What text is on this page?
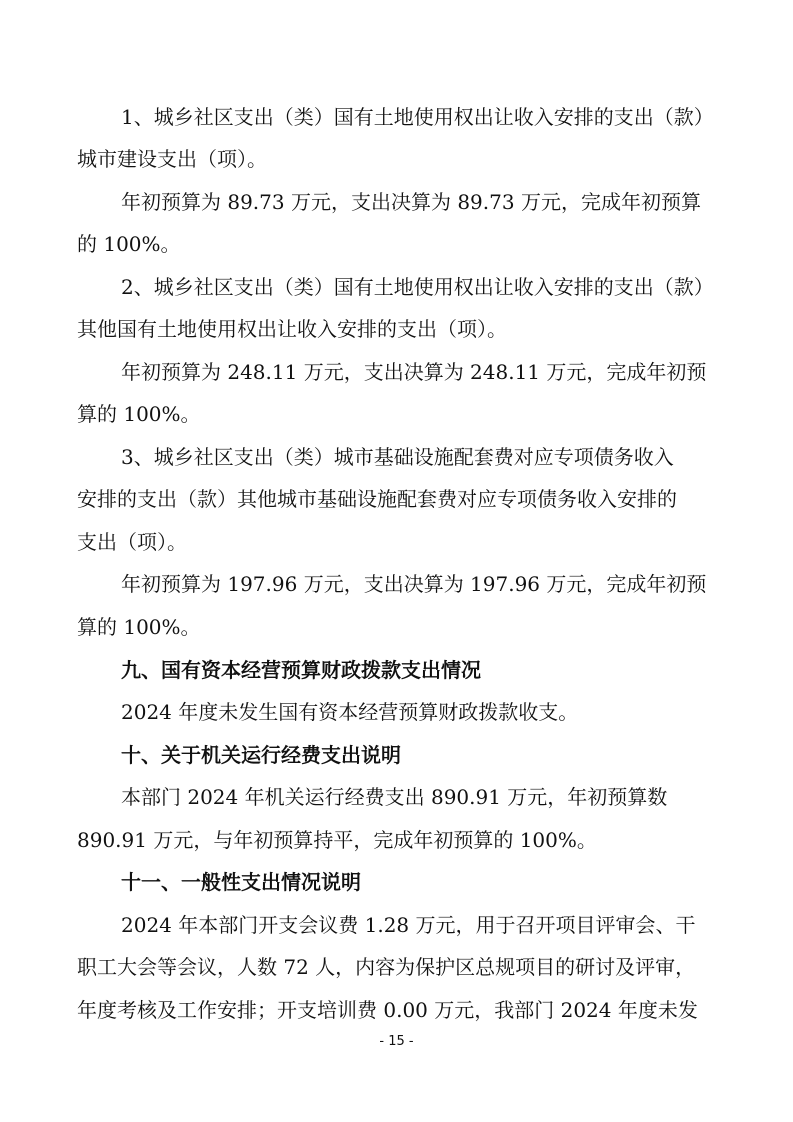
1、城乡社区支出（类）国有土地使用权出让收入安排的支出（款）
城市建设支出（项）。
年初预算为 89.73 万元，支出决算为 89.73 万元，完成年初预算
的 100%。
2、城乡社区支出（类）国有土地使用权出让收入安排的支出（款）
其他国有土地使用权出让收入安排的支出（项）。
年初预算为 248.11 万元，支出决算为 248.11 万元，完成年初预
算的 100%。
3、城乡社区支出（类）城市基础设施配套费对应专项债务收入
安排的支出（款）其他城市基础设施配套费对应专项债务收入安排的
支出（项）。
年初预算为 197.96 万元，支出决算为 197.96 万元，完成年初预
算的 100%。
九、国有资本经营预算财政拨款支出情况
2024 年度未发生国有资本经营预算财政拨款收支。
十、关于机关运行经费支出说明
本部门 2024 年机关运行经费支出 890.91 万元，年初预算数
890.91 万元，与年初预算持平，完成年初预算的 100%。
十一、一般性支出情况说明
2024 年本部门开支会议费 1.28 万元，用于召开项目评审会、干
职工大会等会议，人数 72 人，内容为保护区总规项目的研讨及评审，
年度考核及工作安排；开支培训费 0.00 万元，我部门 2024 年度未发
- 15 -
